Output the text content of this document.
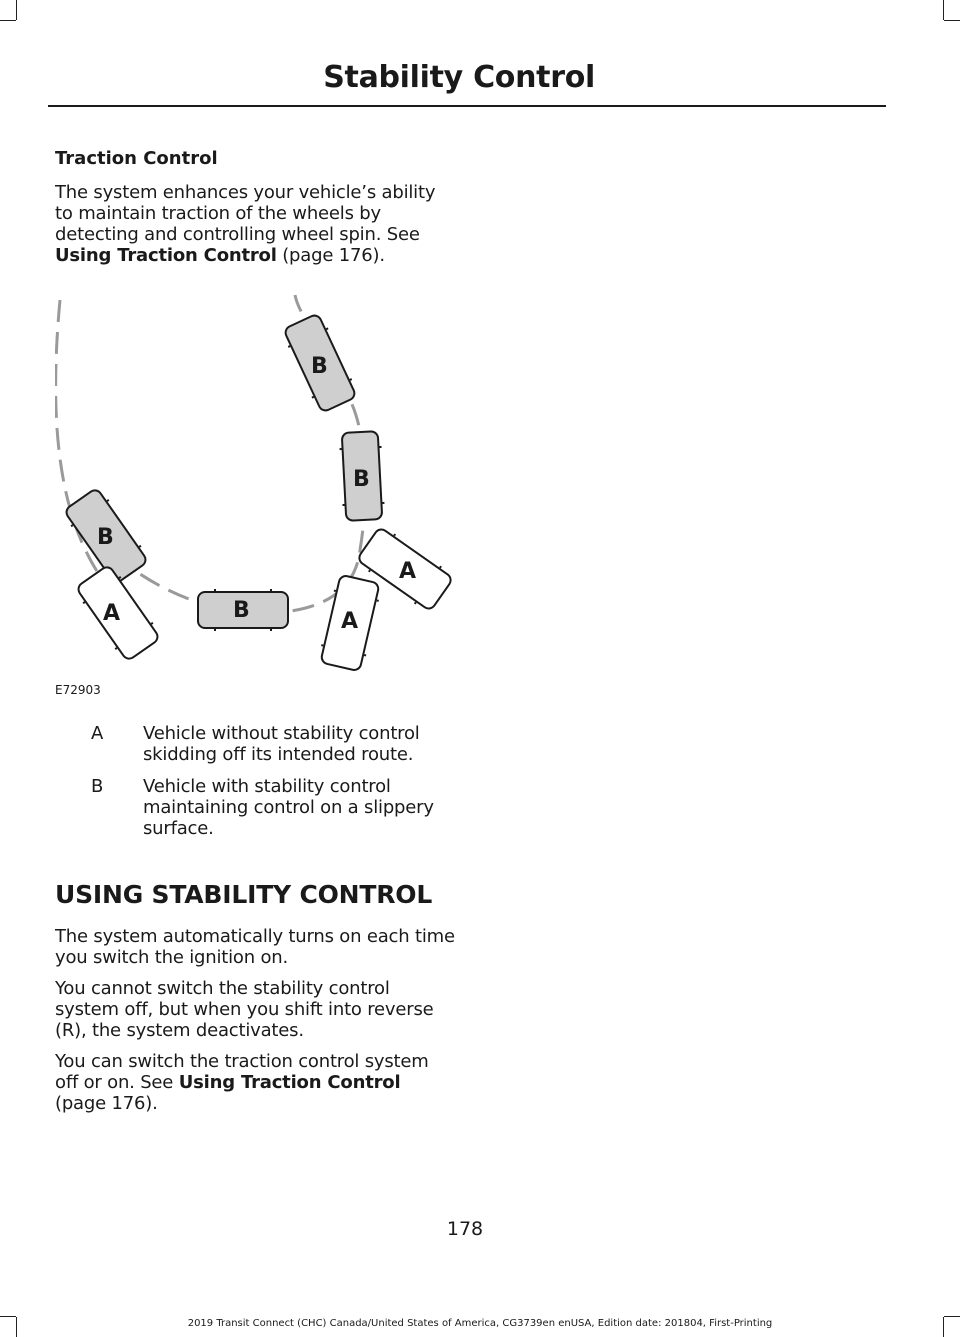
Stability Control

Traction Control

The system enhances your vehicle’s ability to maintain traction of the wheels by detecting and controlling wheel spin. See Using Traction Control (page 176).

B
A	B	A
A
B
B
E72903
A Vehicle without stability control skidding off its intended route.
B Vehicle with stability control maintaining control on a slippery surface.
USING STABILITY CONTROL

The system automatically turns on each time you switch the ignition on.

You cannot switch the stability control system off, but when you shift into reverse (R), the system deactivates.

You can switch the traction control system off or on. See Using Traction Control (page 176).

178
2019 Transit Connect (CHC) Canada/United States of America, CG3739en enUSA, Edition date: 201804, First-Printing
